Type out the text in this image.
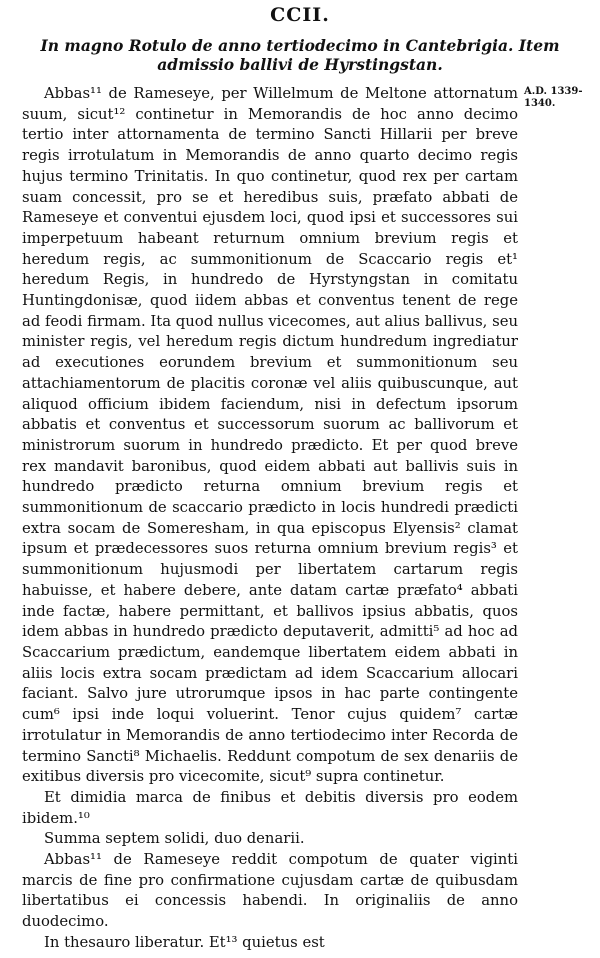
CCII.
In magno Rotulo de anno tertiodecimo in Cantebrigia. Item admissio ballivi de Hyrstingstan.
A.D. 1339-1340.

Abbas¹¹ de Rameseye, per Willelmum de Meltone attornatum suum, sicut¹² continetur in Memorandis de hoc anno decimo tertio inter attornamenta de termino Sancti Hillarii per breve regis irrotulatum in Memorandis de anno quarto decimo regis hujus termino Trinitatis. In quo continetur, quod rex per cartam suam concessit, pro se et heredibus suis, præfato abbati de Rameseye et conventui ejusdem loci, quod ipsi et successores sui imperpetuum habeant returnum omnium brevium regis et heredum regis, ac summonitionum de Scaccario regis et¹ heredum Regis, in hundredo de Hyrstyngstan in comitatu Huntingdonisæ, quod iidem abbas et conventus tenent de rege ad feodi firmam. Ita quod nullus vicecomes, aut alius ballivus, seu minister regis, vel heredum regis dictum hundredum ingrediatur ad executiones eorundem brevium et summonitionum seu attachiamentorum de placitis coronæ vel aliis quibuscunque, aut aliquod officium ibidem faciendum, nisi in defectum ipsorum abbatis et conventus et successorum suorum ac ballivorum et ministrorum suorum in hundredo prædicto. Et per quod breve rex mandavit baronibus, quod eidem abbati aut ballivis suis in hundredo prædicto returna omnium brevium regis et summonitionum de scaccario prædicto in locis hundredi prædicti extra socam de Someresham, in qua episcopus Elyensis² clamat ipsum et prædecessores suos returna omnium brevium regis³ et summonitionum hujusmodi per libertatem cartarum regis habuisse, et habere debere, ante datam cartæ præfato⁴ abbati inde factæ, habere permittant, et ballivos ipsius abbatis, quos idem abbas in hundredo prædicto deputaverit, admitti⁵ ad hoc ad Scaccarium prædictum, eandemque libertatem eidem abbati in aliis locis extra socam prædictam ad idem Scaccarium allocari faciant. Salvo jure utrorumque ipsos in hac parte contingente cum⁶ ipsi inde loqui voluerint. Tenor cujus quidem⁷ cartæ irrotulatur in Memorandis de anno tertiodecimo inter Recorda de termino Sancti⁸ Michaelis. Reddunt compotum de sex denariis de exitibus diversis pro vicecomite, sicut⁹ supra continetur.

Et dimidia marca de finibus et debitis diversis pro eodem ibidem.¹⁰

Summa septem solidi, duo denarii.

Abbas¹¹ de Rameseye reddit compotum de quater viginti marcis de fine pro confirmatione cujusdam cartæ de quibusdam libertatibus ei concessis habendi. In originaliis de anno duodecimo.

In thesauro liberatur. Et¹³ quietus est
